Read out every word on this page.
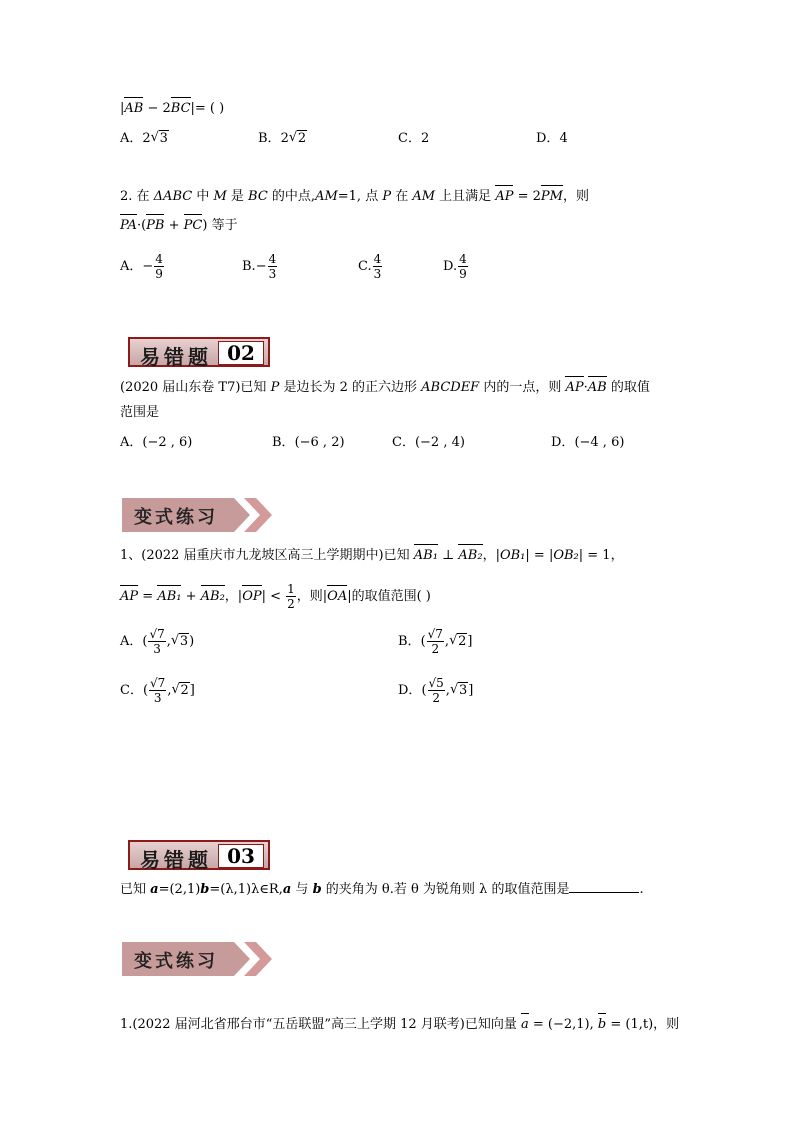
|AB − 2BC|= ( )
A．2 √ 3	B．2 √ 2	C．2	D．4
2. 在 ΔABC 中 M 是 BC 的中点,AM=1, 点 P 在 AM 上且满足 AP = 2PM，则
PA·(PB + PC) 等于
A．− $\frac{4}{9}$	$B.- \frac{4}{3}$	C. $\frac{4}{3}$	D. $\frac{4}{9}$
易错题 02
(2020 届山东卷 T7)已知 P 是边长为 2 的正六边形 ABCDEF 内的一点，则 AP·AB 的取值
范围是
A．(−2 , 6)	B．(−6 , 2)	C．(−2 , 4)	D．(−4 , 6)
变式练习
1、(2022 届重庆市九龙坡区高三上学期期中)已知 AB₁ ⊥ AB₂，|OB₁| = |OB₂| = 1，
AP = AB₁ + AB₂，$|OP| < \frac{1}{2}$ ，则|OA|的取值范围( )
A．( $\frac{√7}{3}$ , √ 3)	B．( $\frac{√7}{2}$ , √ 2]
C．( $\frac{√7}{3}$ , √ 2]	D．( $\frac{√5}{2}$ , √ 3]
易错题 03
已知 a=(2,1)b=(λ,1)λ∈R,a 与 b 的夹角为 θ.若 θ 为锐角则 λ 的取值范围是	.
变式练习
1.(2022 届河北省邢台市“五岳联盟”高三上学期 12 月联考)已知向量 a = (−2,1), b = (1,t)，则
